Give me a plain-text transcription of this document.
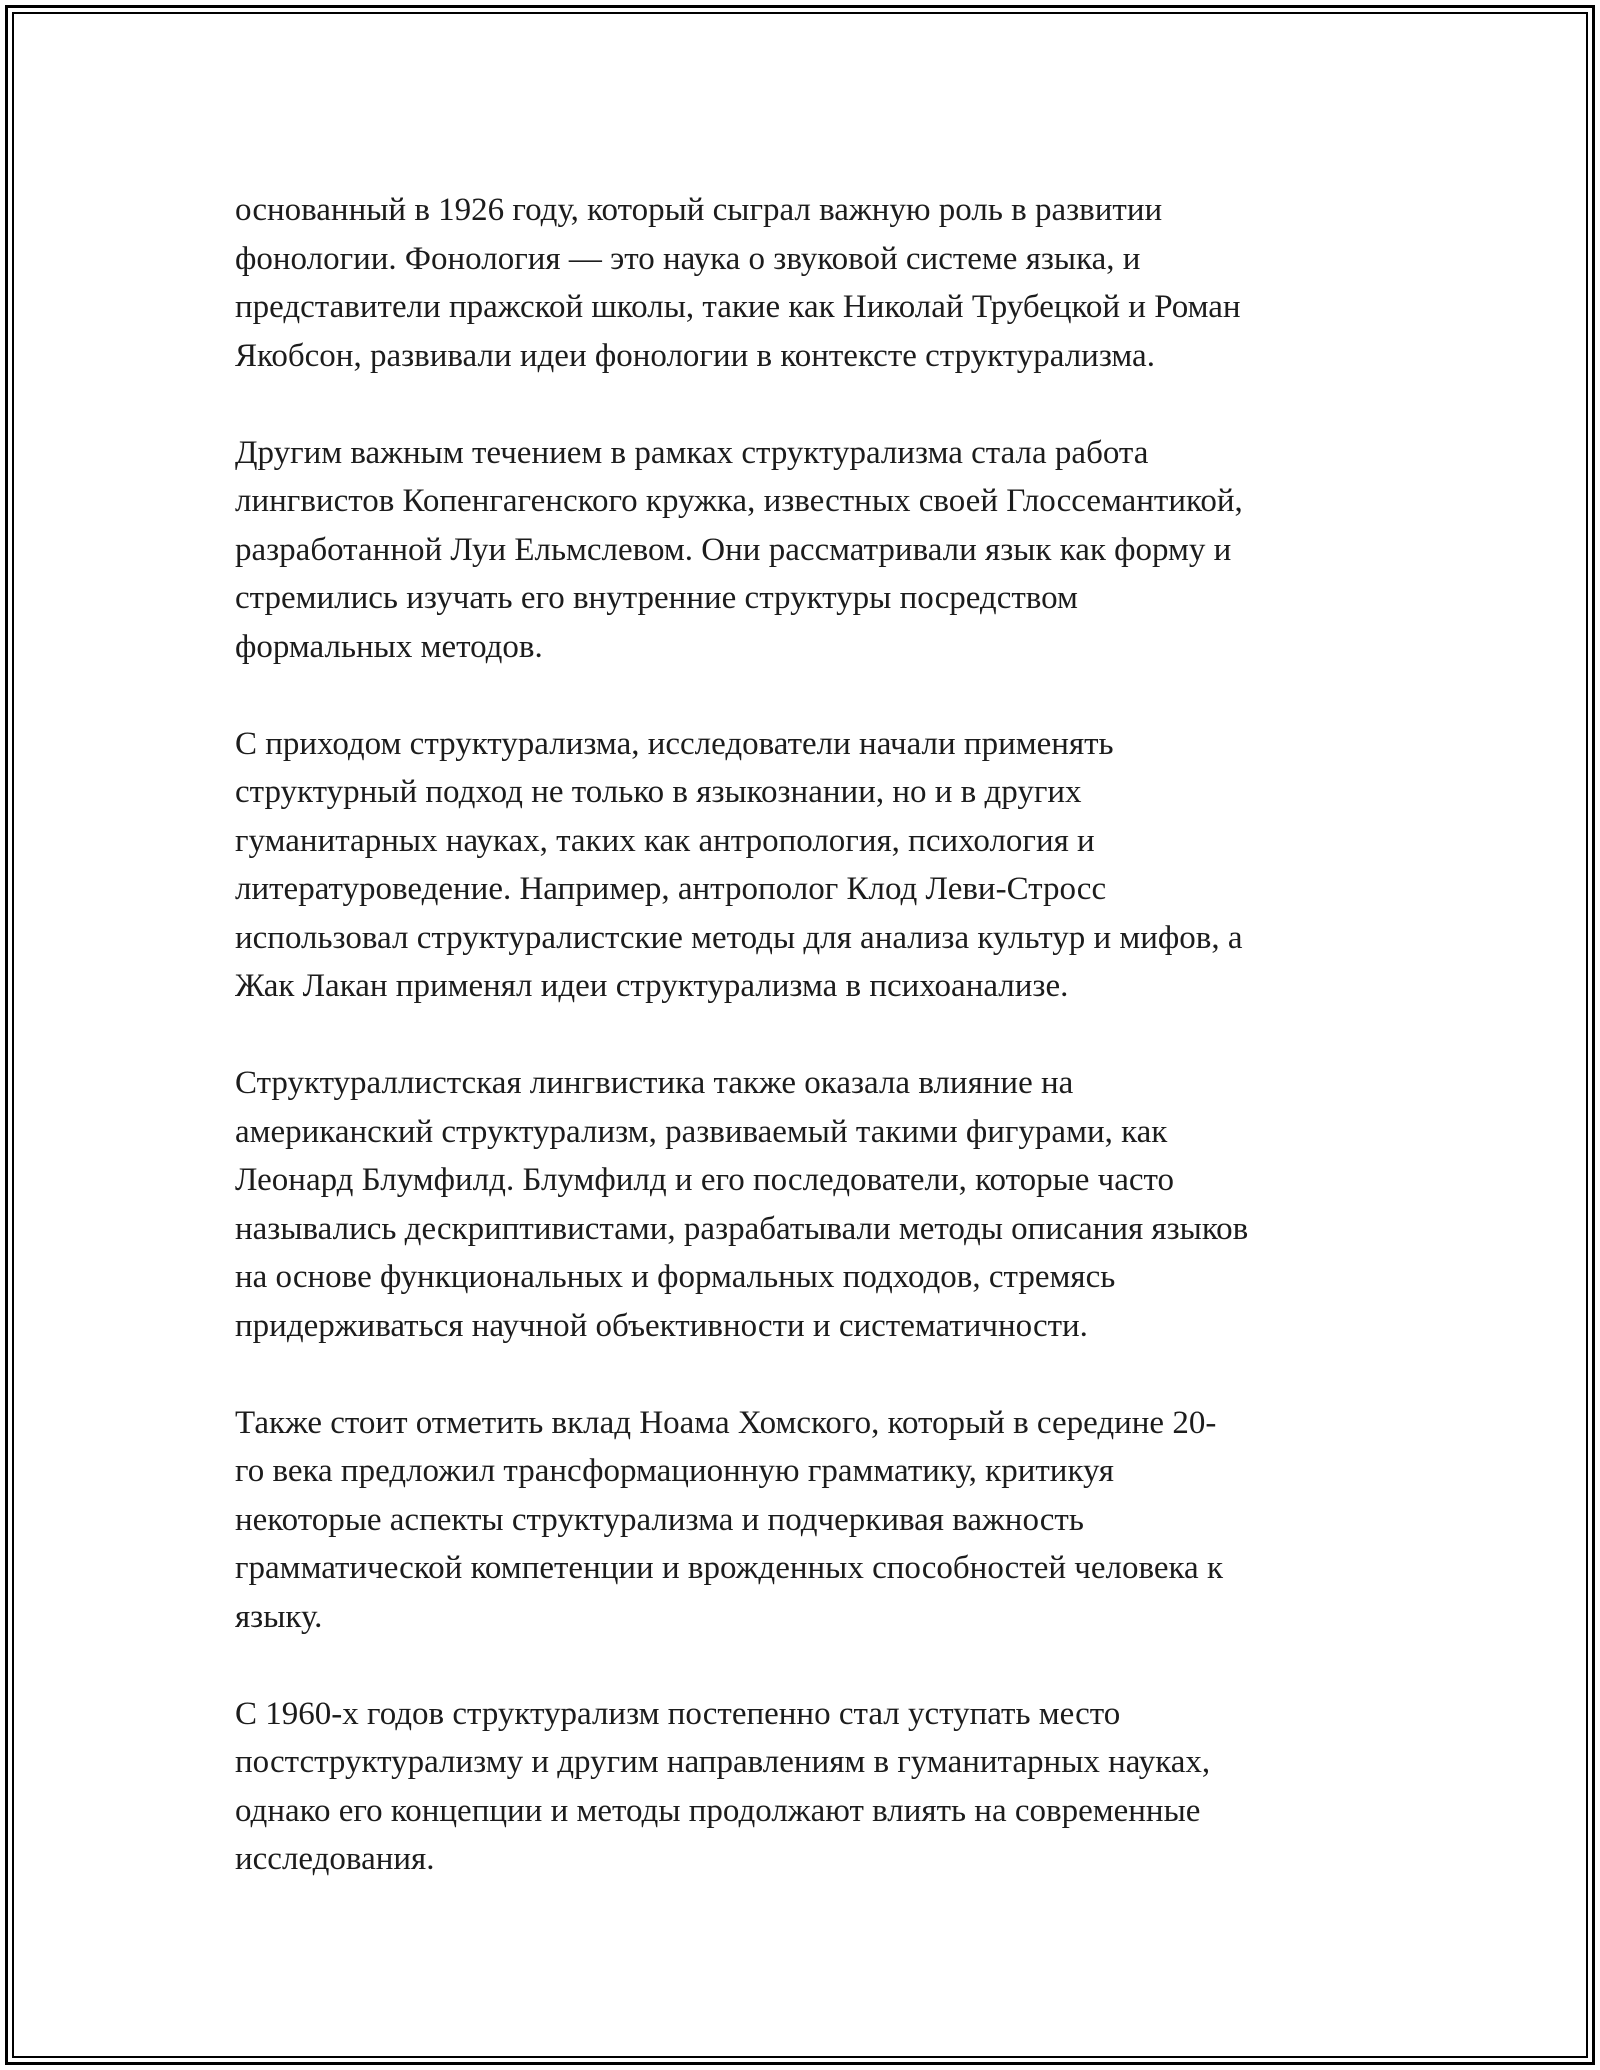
основанный в 1926 году, который сыграл важную роль в развитии
фонологии. Фонология — это наука о звуковой системе языка, и
представители пражской школы, такие как Николай Трубецкой и Роман
Якобсон, развивали идеи фонологии в контексте структурализма.

Другим важным течением в рамках структурализма стала работа
лингвистов Копенгагенского кружка, известных своей Глоссемантикой,
разработанной Луи Ельмслевом. Они рассматривали язык как форму и
стремились изучать его внутренние структуры посредством
формальных методов.

С приходом структурализма, исследователи начали применять
структурный подход не только в языкознании, но и в других
гуманитарных науках, таких как антропология, психология и
литературоведение. Например, антрополог Клод Леви-Стросс
использовал структуралистские методы для анализа культур и мифов, а
Жак Лакан применял идеи структурализма в психоанализе.

Структураллистская лингвистика также оказала влияние на
американский структурализм, развиваемый такими фигурами, как
Леонард Блумфилд. Блумфилд и его последователи, которые часто
назывались дескриптивистами, разрабатывали методы описания языков
на основе функциональных и формальных подходов, стремясь
придерживаться научной объективности и систематичности.

Также стоит отметить вклад Ноама Хомского, который в середине 20-
го века предложил трансформационную грамматику, критикуя
некоторые аспекты структурализма и подчеркивая важность
грамматической компетенции и врожденных способностей человека к
языку.

С 1960-х годов структурализм постепенно стал уступать место
постструктурализму и другим направлениям в гуманитарных науках,
однако его концепции и методы продолжают влиять на современные
исследования.
